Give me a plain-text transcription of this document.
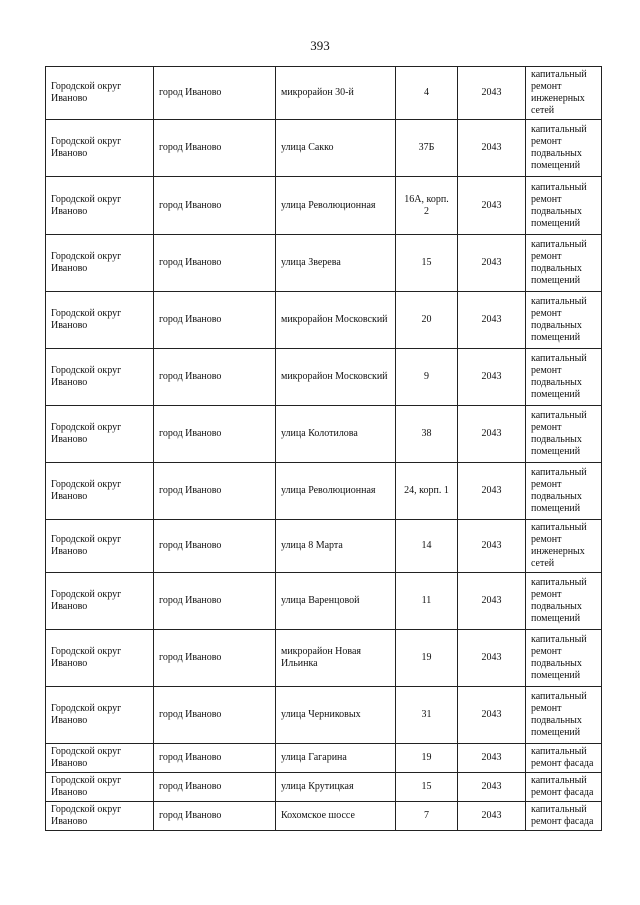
393
Городской округ Иваново	город Иваново	микрорайон 30-й	4	2043	капитальный ремонт инженерных сетей
Городской округ Иваново	город Иваново	улица Сакко	37Б	2043	капитальный ремонт подвальных помещений
Городской округ Иваново	город Иваново	улица Революционная	16А, корп. 2	2043	капитальный ремонт подвальных помещений
Городской округ Иваново	город Иваново	улица Зверева	15	2043	капитальный ремонт подвальных помещений
Городской округ Иваново	город Иваново	микрорайон Московский	20	2043	капитальный ремонт подвальных помещений
Городской округ Иваново	город Иваново	микрорайон Московский	9	2043	капитальный ремонт подвальных помещений
Городской округ Иваново	город Иваново	улица Колотилова	38	2043	капитальный ремонт подвальных помещений
Городской округ Иваново	город Иваново	улица Революционная	24, корп. 1	2043	капитальный ремонт подвальных помещений
Городской округ Иваново	город Иваново	улица 8 Марта	14	2043	капитальный ремонт инженерных сетей
Городской округ Иваново	город Иваново	улица Варенцовой	11	2043	капитальный ремонт подвальных помещений
Городской округ Иваново	город Иваново	микрорайон Новая Ильинка	19	2043	капитальный ремонт подвальных помещений
Городской округ Иваново	город Иваново	улица Черниковых	31	2043	капитальный ремонт подвальных помещений
Городской округ Иваново	город Иваново	улица Гагарина	19	2043	капитальный ремонт фасада
Городской округ Иваново	город Иваново	улица Крутицкая	15	2043	капитальный ремонт фасада
Городской округ Иваново	город Иваново	Кохомское шоссе	7	2043	капитальный ремонт фасада
